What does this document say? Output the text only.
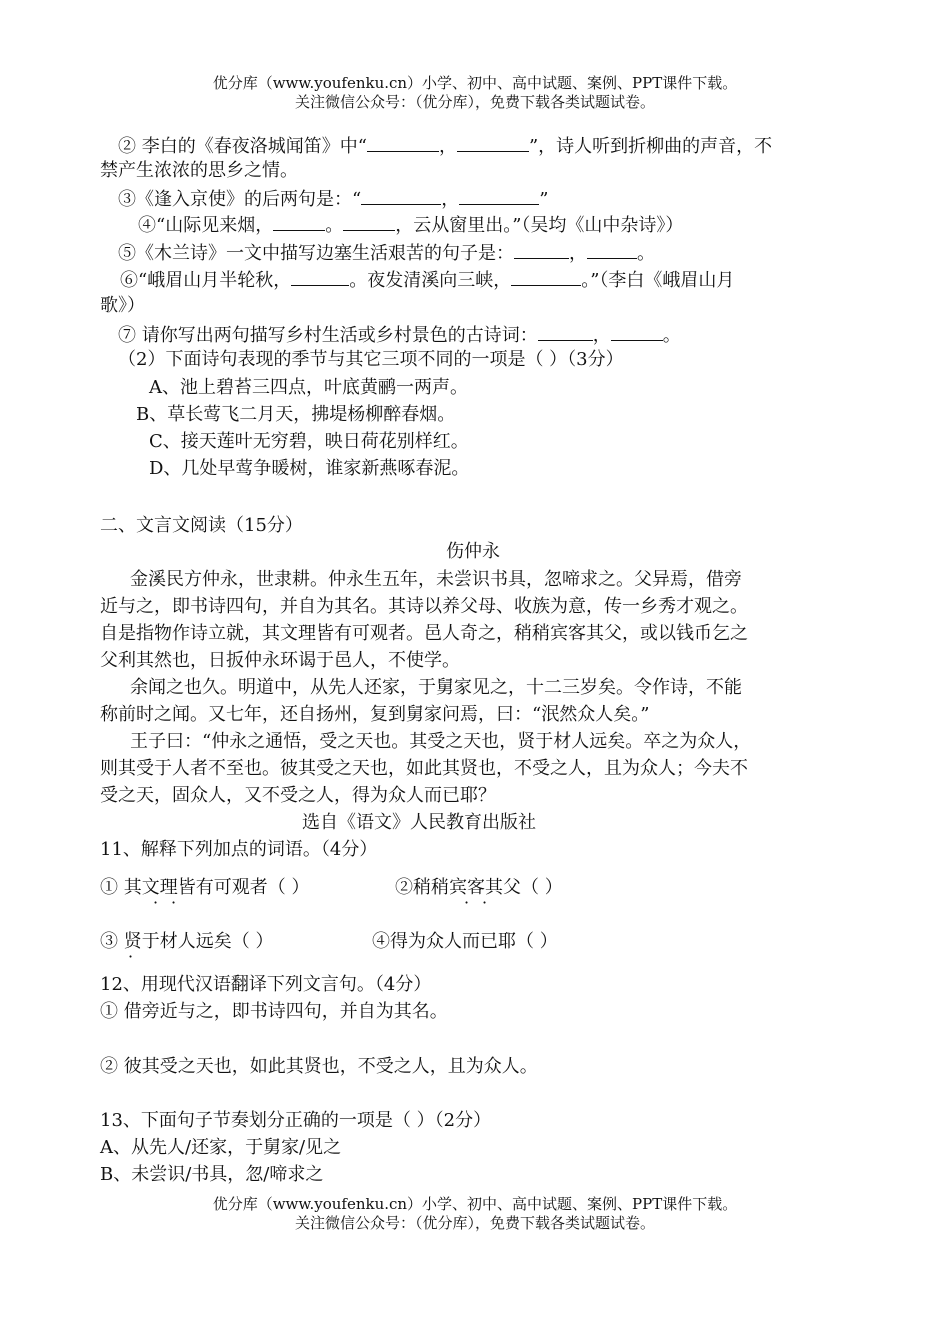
优分库（www.youfenku.cn）小学、初中、高中试题、案例、PPT课件下载。
关注微信公众号：（优分库），免费下载各类试题试卷。
② 李白的《春夜洛城闻笛》中“	，	”，诗人听到折柳曲的声音，不
禁产生浓浓的思乡之情。
③《逢入京使》的后两句是：“	，	”
④“山际见来烟，	。	，云从窗里出。”（吴均《山中杂诗》）
⑤《木兰诗》一文中描写边塞生活艰苦的句子是：	，	。
⑥“峨眉山月半轮秋，	。夜发清溪向三峡，	。”（李白《峨眉山月
歌》）
⑦ 请你写出两句描写乡村生活或乡村景色的古诗词：	，	。
（2）下面诗句表现的季节与其它三项不同的一项是（ ）（3分）
A、池上碧苔三四点，叶底黄鹂一两声。
B、草长莺飞二月天，拂堤杨柳醉春烟。
C、接天莲叶无穷碧，映日荷花别样红。
D、几处早莺争暖树，谁家新燕啄春泥。
二、文言文阅读（15分）
伤仲永
金溪民方仲永，世隶耕。仲永生五年，未尝识书具，忽啼求之。父异焉，借旁
近与之，即书诗四句，并自为其名。其诗以养父母、收族为意，传一乡秀才观之。
自是指物作诗立就，其文理皆有可观者。邑人奇之，稍稍宾客其父，或以钱币乞之
父利其然也，日扳仲永环谒于邑人，不使学。
余闻之也久。明道中，从先人还家，于舅家见之，十二三岁矣。令作诗，不能
称前时之闻。又七年，还自扬州，复到舅家问焉，曰：“泯然众人矣。”
王子曰：“仲永之通悟，受之天也。其受之天也，贤于材人远矣。卒之为众人，
则其受于人者不至也。彼其受之天也，如此其贤也，不受之人，且为众人；今夫不
受之天，固众人，又不受之人，得为众人而已耶？
选自《语文》人民教育出版社
11、解释下列加点的词语。（4分）
① 其文理皆有可观者（ ）	②稍稍宾客其父（ ）
· ·	· ·
③ 贤于材人远矣（ ）	④得为众人而已耶（ ）
·
12、用现代汉语翻译下列文言句。（4分）
① 借旁近与之，即书诗四句，并自为其名。
② 彼其受之天也，如此其贤也，不受之人，且为众人。
13、下面句子节奏划分正确的一项是（ ）（2分）
A、从先人/还家，于舅家/见之
B、未尝识/书具，忽/啼求之
优分库（www.youfenku.cn）小学、初中、高中试题、案例、PPT课件下载。
关注微信公众号：（优分库），免费下载各类试题试卷。
